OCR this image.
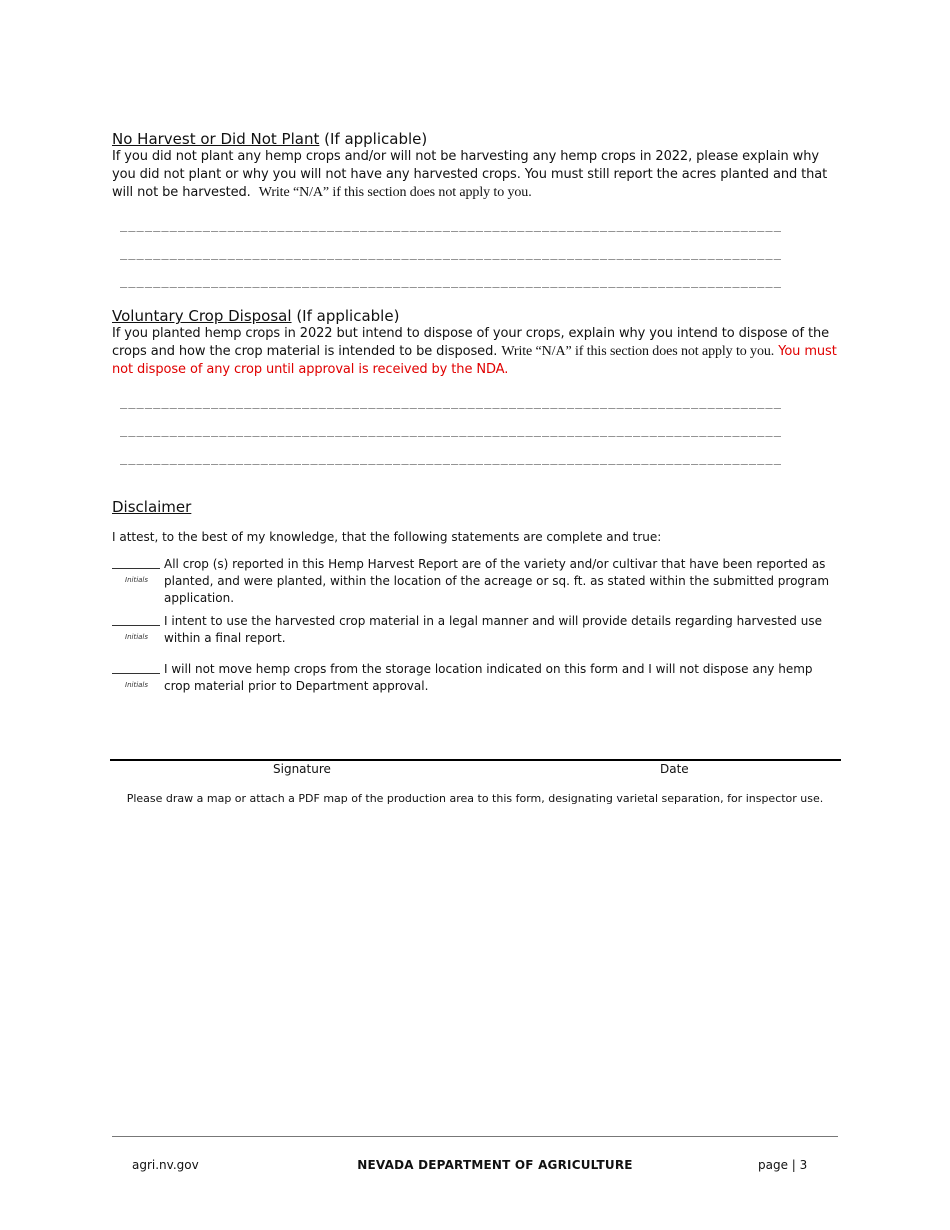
No Harvest or Did Not Plant (If applicable)

If you did not plant any hemp crops and/or will not be harvesting any hemp crops in 2022, please explain why you did not plant or why you will not have any harvested crops. You must still report the acres planted and that will not be harvested. Write “N/A” if this section does not apply to you.

________________________________________________________________________________
________________________________________________________________________________
________________________________________________________________________________

Voluntary Crop Disposal (If applicable)

If you planted hemp crops in 2022 but intend to dispose of your crops, explain why you intend to dispose of the crops and how the crop material is intended to be disposed. Write “N/A” if this section does not apply to you. You must not dispose of any crop until approval is received by the NDA.

________________________________________________________________________________
________________________________________________________________________________
________________________________________________________________________________

Disclaimer

I attest, to the best of my knowledge, that the following statements are complete and true:
Initials
All crop (s) reported in this Hemp Harvest Report are of the variety and/or cultivar that have been reported as planted, and were planted, within the location of the acreage or sq. ft. as stated within the submitted program application.
Initials
I intent to use the harvested crop material in a legal manner and will provide details regarding harvested use within a final report.
Initials
I will not move hemp crops from the storage location indicated on this form and I will not dispose any hemp crop material prior to Department approval.
Signature	Date
Please draw a map or attach a PDF map of the production area to this form, designating varietal separation, for inspector use.
agri.nv.gov	NEVADA DEPARTMENT OF AGRICULTURE	page | 3
